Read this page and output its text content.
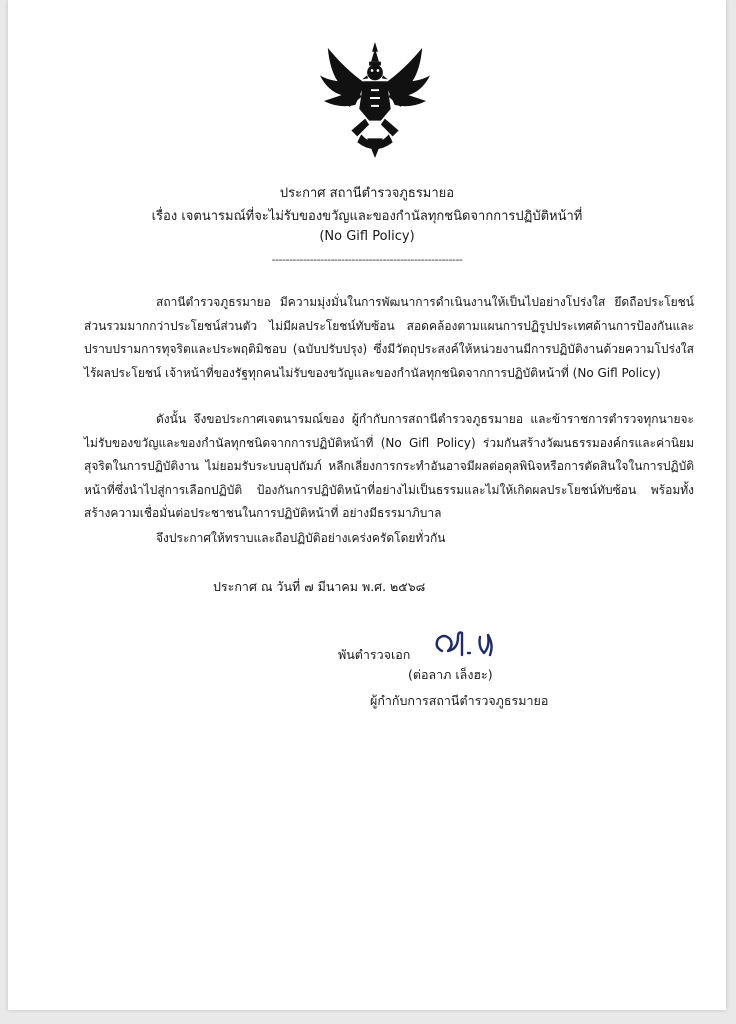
ประกาศ สถานีตำรวจภูธรมายอ
เรื่อง เจตนารมณ์ที่จะไม่รับของขวัญและของกำนัลทุกชนิดจากการปฏิบัติหน้าที่
(No Gifl Policy)
-------------------------------------------------------
สถานีตำรวจภูธรมายอ มีความมุ่งมั่นในการพัฒนาการดำเนินงานให้เป็นไปอย่างโปร่งใส ยึดถือประโยชน์ส่วนรวมมากกว่าประโยชน์ส่วนตัว ไม่มีผลประโยชน์ทับซ้อน สอดคล้องตามแผนการปฏิรูปประเทศด้านการป้องกันและปราบปรามการทุจริตและประพฤติมิชอบ (ฉบับปรับปรุง) ซึ่งมีวัตถุประสงค์ให้หน่วยงานมีการปฏิบัติงานด้วยความโปร่งใส ไร้ผลประโยชน์ เจ้าหน้าที่ของรัฐทุกคนไม่รับของขวัญและของกำนัลทุกชนิดจากการปฏิบัติหน้าที่ (No Gifl Policy)
ดังนั้น จึงขอประกาศเจตนารมณ์ของ ผู้กำกับการสถานีตำรวจภูธรมายอ และข้าราชการตำรวจทุกนายจะไม่รับของขวัญและของกำนัลทุกชนิดจากการปฏิบัติหน้าที่ (No Gifl Policy) ร่วมกันสร้างวัฒนธรรมองค์กรและค่านิยมสุจริตในการปฏิบัติงาน ไม่ยอมรับระบบอุปถัมภ์ หลีกเลี่ยงการกระทำอันอาจมีผลต่อดุลพินิจหรือการตัดสินใจในการปฏิบัติหน้าที่ซึ่งนำไปสู่การเลือกปฏิบัติ ป้องกันการปฏิบัติหน้าที่อย่างไม่เป็นธรรมและไม่ให้เกิดผลประโยชน์ทับซ้อน พร้อมทั้งสร้างความเชื่อมั่นต่อประชาชนในการปฏิบัติหน้าที่ อย่างมีธรรมาภิบาล
จึงประกาศให้ทราบและถือปฏิบัติอย่างเคร่งครัดโดยทั่วกัน
ประกาศ ณ วันที่ ๗ มีนาคม พ.ศ. ๒๕๖๘
พันตำรวจเอก
(ต่อลาภ เล็งฮะ)
ผู้กำกับการสถานีตำรวจภูธรมายอ
